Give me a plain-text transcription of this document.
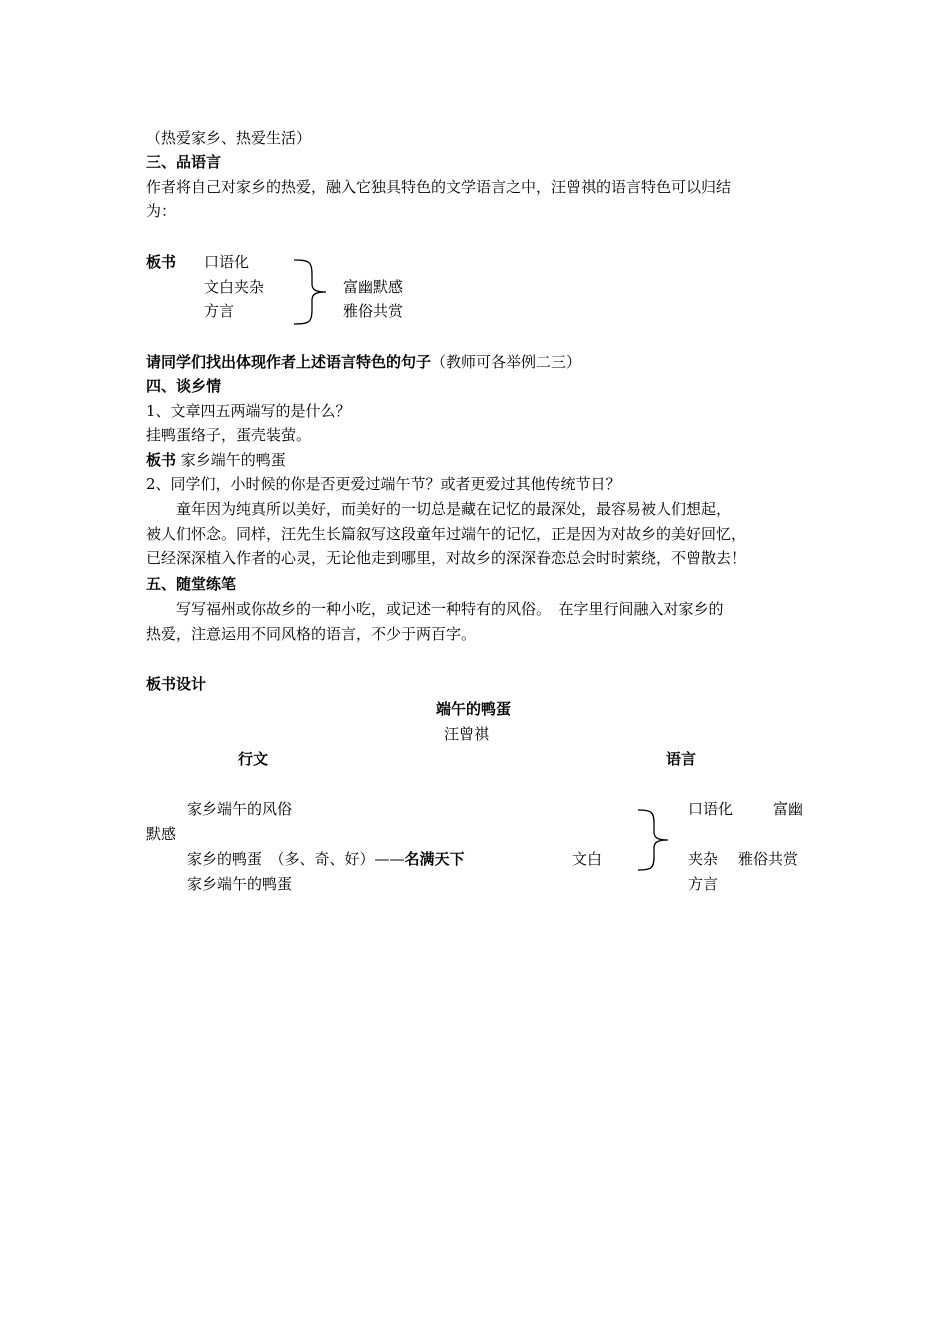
（热爱家乡、热爱生活）
三、品语言
作者将自己对家乡的热爱，融入它独具特色的文学语言之中，汪曾祺的语言特色可以归结
为：
板书 口语化
文白夹杂
方言
富幽默感
雅俗共赏
请同学们找出体现作者上述语言特色的句子（教师可各举例二三）
四、谈乡情
1、文章四五两端写的是什么？
挂鸭蛋络子，蛋壳装萤。
板书 家乡端午的鸭蛋
2、同学们，小时候的你是否更爱过端午节？或者更爱过其他传统节日？
童年因为纯真所以美好，而美好的一切总是藏在记忆的最深处，最容易被人们想起，
被人们怀念。同样，汪先生长篇叙写这段童年过端午的记忆，正是因为对故乡的美好回忆，
已经深深植入作者的心灵，无论他走到哪里，对故乡的深深眷恋总会时时萦绕，不曾散去！
五、随堂练笔
写写福州或你故乡的一种小吃，或记述一种特有的风俗。　在字里行间融入对家乡的
热爱，注意运用不同风格的语言，不少于两百字。
板书设计
端午的鸭蛋
汪曾祺
行文	语言
家乡端午的风俗	口语化	富幽
默感
家乡的鸭蛋　（多、奇、好）——名满天下	文白	夹杂 雅俗共赏
家乡端午的鸭蛋	方言
